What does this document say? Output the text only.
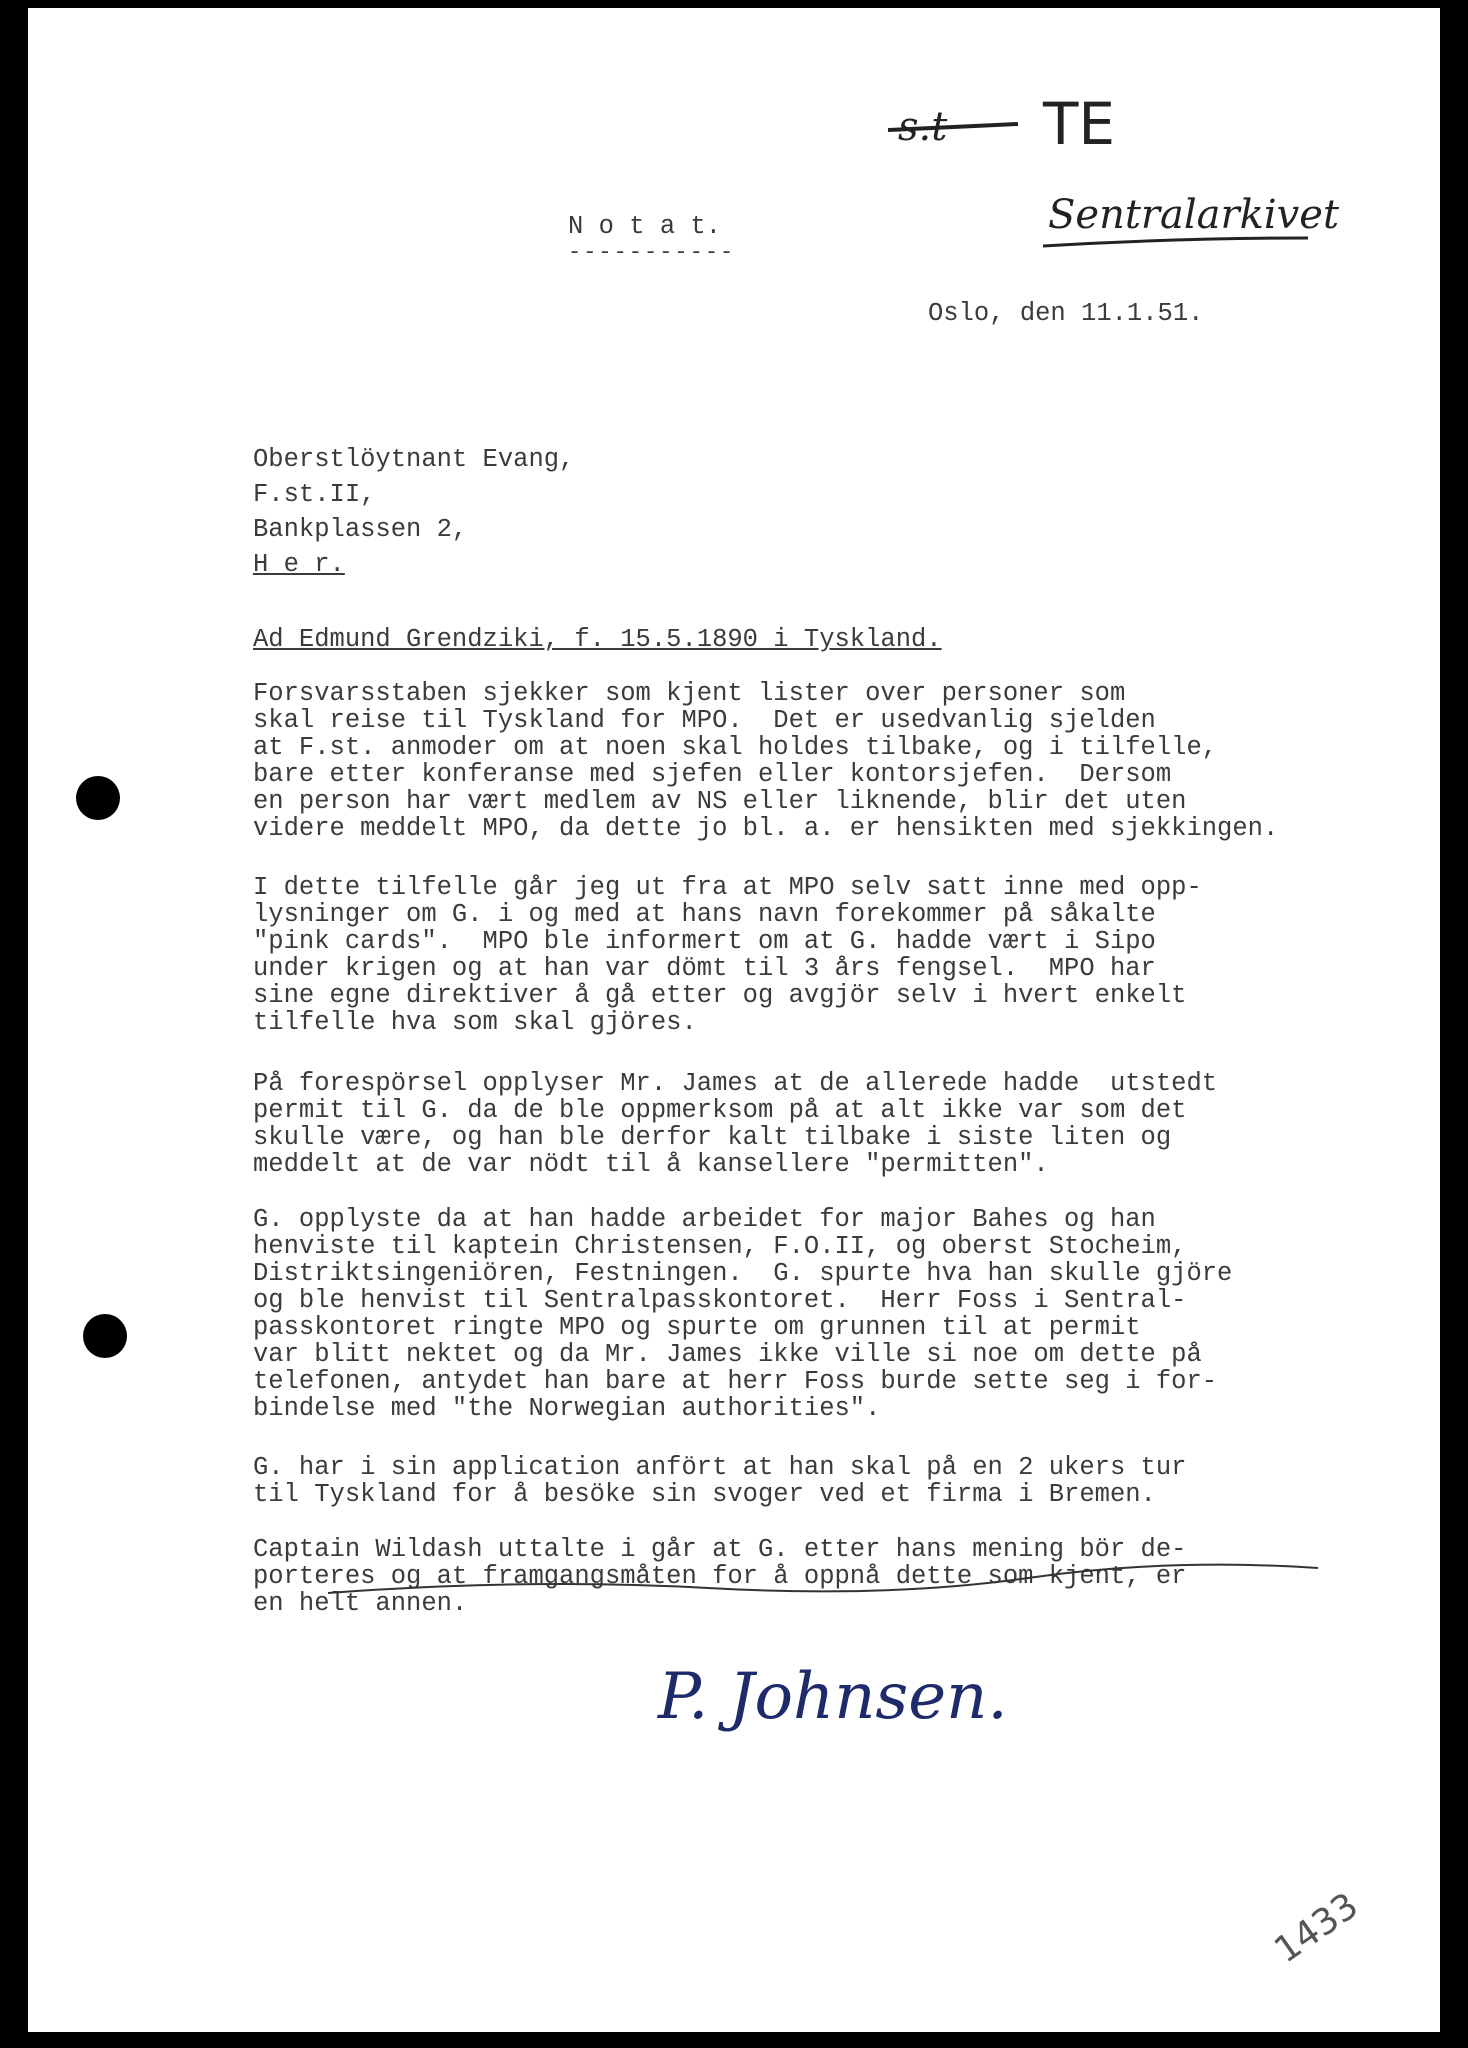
s.t TE
Sentralarkivet
N o t a t.
-----------

Oslo, den 11.1.51.

Oberstlöytnant Evang,

F.st.II,

Bankplassen 2,

H e r.

Ad Edmund Grendziki, f. 15.5.1890 i Tyskland.

Forsvarsstaben sjekker som kjent lister over personer som
skal reise til Tyskland for MPO.  Det er usedvanlig sjelden
at F.st. anmoder om at noen skal holdes tilbake, og i tilfelle,
bare etter konferanse med sjefen eller kontorsjefen.  Dersom
en person har vært medlem av NS eller liknende, blir det uten
videre meddelt MPO, da dette jo bl. a. er hensikten med sjekkingen.

I dette tilfelle går jeg ut fra at MPO selv satt inne med opp-
lysninger om G. i og med at hans navn forekommer på såkalte
"pink cards".  MPO ble informert om at G. hadde vært i Sipo
under krigen og at han var dömt til 3 års fengsel.  MPO har
sine egne direktiver å gå etter og avgjör selv i hvert enkelt
tilfelle hva som skal gjöres.

På forespörsel opplyser Mr. James at de allerede hadde  utstedt
permit til G. da de ble oppmerksom på at alt ikke var som det
skulle være, og han ble derfor kalt tilbake i siste liten og
meddelt at de var nödt til å kansellere "permitten".

G. opplyste da at han hadde arbeidet for major Bahes og han
henviste til kaptein Christensen, F.O.II, og oberst Stocheim,
Distriktsingeniören, Festningen.  G. spurte hva han skulle gjöre
og ble henvist til Sentralpasskontoret.  Herr Foss i Sentral-
passkontoret ringte MPO og spurte om grunnen til at permit
var blitt nektet og da Mr. James ikke ville si noe om dette på
telefonen, antydet han bare at herr Foss burde sette seg i for-
bindelse med "the Norwegian authorities".

G. har i sin application anfört at han skal på en 2 ukers tur
til Tyskland for å besöke sin svoger ved et firma i Bremen.

Captain Wildash uttalte i går at G. etter hans mening bör de-
porteres og at framgangsmåten for å oppnå dette som kjent, er
en helt annen.

P. Johnsen.
1433
